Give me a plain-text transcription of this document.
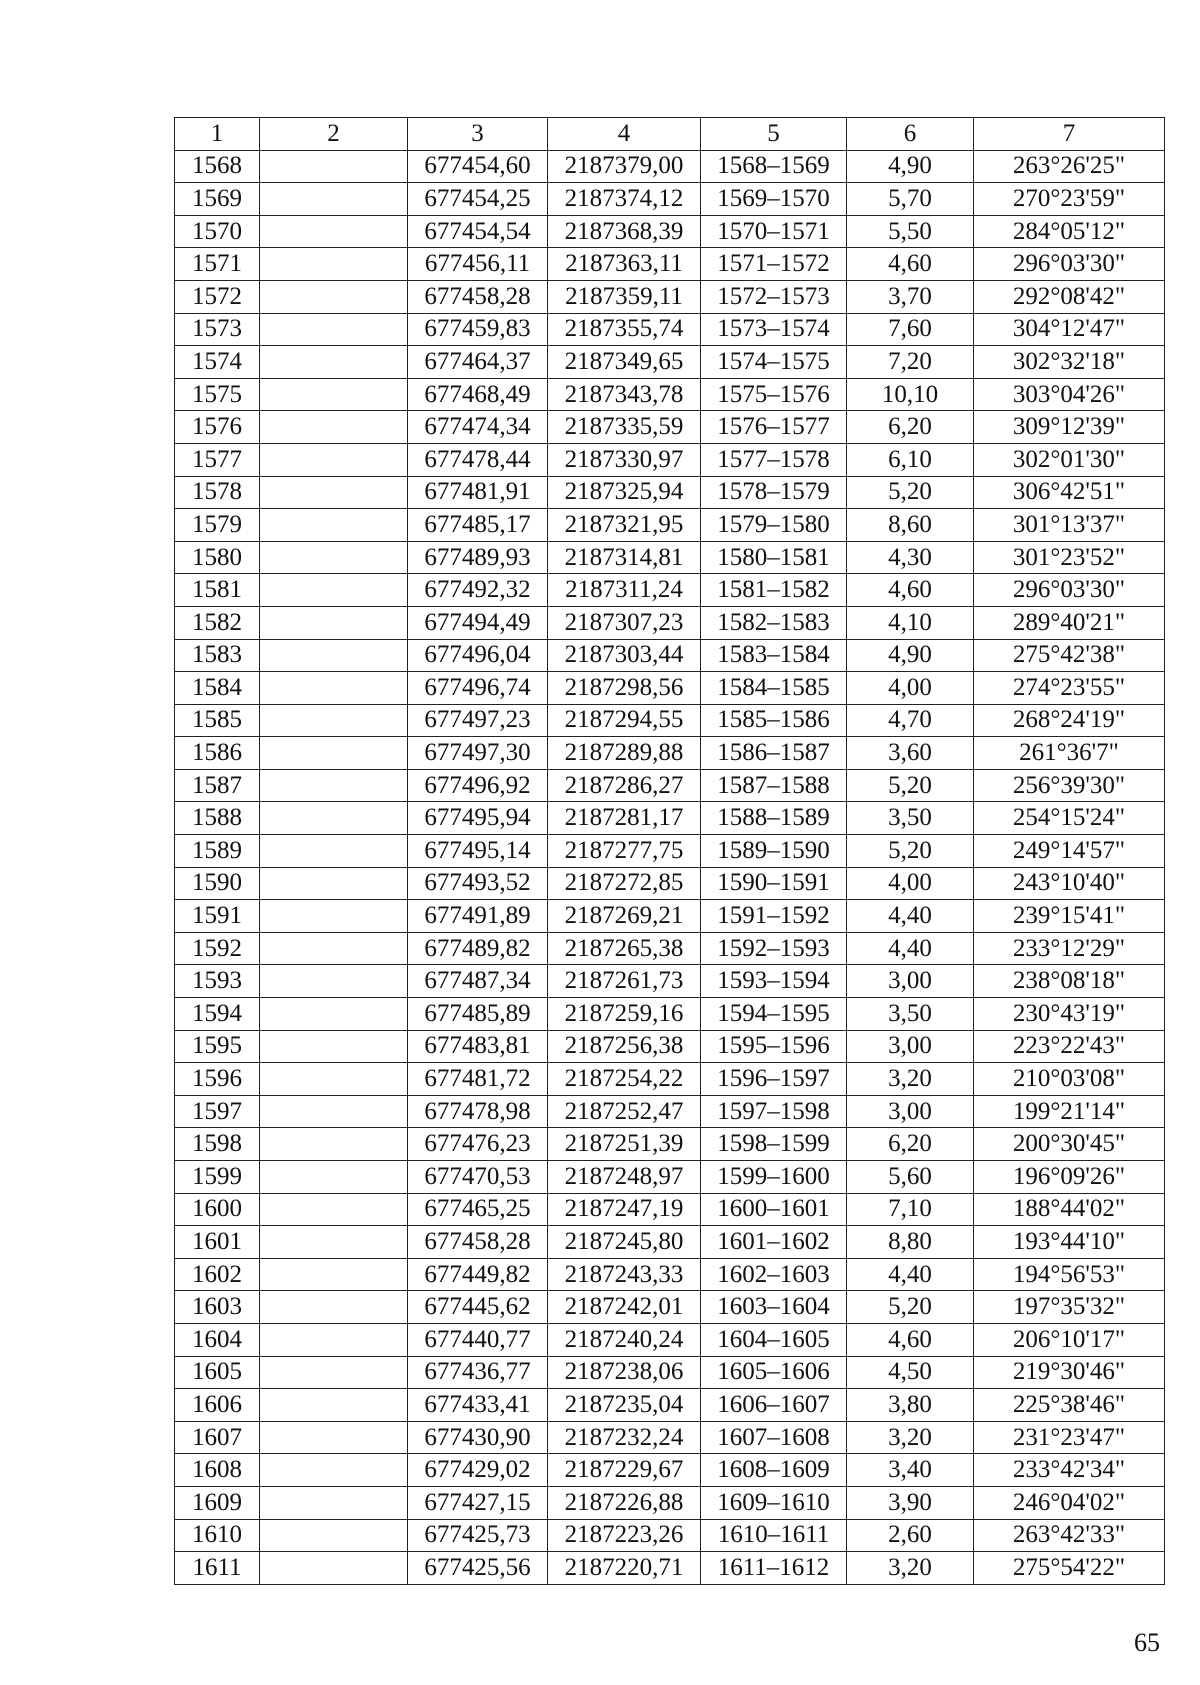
1	2	3	4	5	6	7
1568		677454,60	2187379,00	1568–1569	4,90	263°26'25"
1569		677454,25	2187374,12	1569–1570	5,70	270°23'59"
1570		677454,54	2187368,39	1570–1571	5,50	284°05'12"
1571		677456,11	2187363,11	1571–1572	4,60	296°03'30"
1572		677458,28	2187359,11	1572–1573	3,70	292°08'42"
1573		677459,83	2187355,74	1573–1574	7,60	304°12'47"
1574		677464,37	2187349,65	1574–1575	7,20	302°32'18"
1575		677468,49	2187343,78	1575–1576	10,10	303°04'26"
1576		677474,34	2187335,59	1576–1577	6,20	309°12'39"
1577		677478,44	2187330,97	1577–1578	6,10	302°01'30"
1578		677481,91	2187325,94	1578–1579	5,20	306°42'51"
1579		677485,17	2187321,95	1579–1580	8,60	301°13'37"
1580		677489,93	2187314,81	1580–1581	4,30	301°23'52"
1581		677492,32	2187311,24	1581–1582	4,60	296°03'30"
1582		677494,49	2187307,23	1582–1583	4,10	289°40'21"
1583		677496,04	2187303,44	1583–1584	4,90	275°42'38"
1584		677496,74	2187298,56	1584–1585	4,00	274°23'55"
1585		677497,23	2187294,55	1585–1586	4,70	268°24'19"
1586		677497,30	2187289,88	1586–1587	3,60	261°36'7"
1587		677496,92	2187286,27	1587–1588	5,20	256°39'30"
1588		677495,94	2187281,17	1588–1589	3,50	254°15'24"
1589		677495,14	2187277,75	1589–1590	5,20	249°14'57"
1590		677493,52	2187272,85	1590–1591	4,00	243°10'40"
1591		677491,89	2187269,21	1591–1592	4,40	239°15'41"
1592		677489,82	2187265,38	1592–1593	4,40	233°12'29"
1593		677487,34	2187261,73	1593–1594	3,00	238°08'18"
1594		677485,89	2187259,16	1594–1595	3,50	230°43'19"
1595		677483,81	2187256,38	1595–1596	3,00	223°22'43"
1596		677481,72	2187254,22	1596–1597	3,20	210°03'08"
1597		677478,98	2187252,47	1597–1598	3,00	199°21'14"
1598		677476,23	2187251,39	1598–1599	6,20	200°30'45"
1599		677470,53	2187248,97	1599–1600	5,60	196°09'26"
1600		677465,25	2187247,19	1600–1601	7,10	188°44'02"
1601		677458,28	2187245,80	1601–1602	8,80	193°44'10"
1602		677449,82	2187243,33	1602–1603	4,40	194°56'53"
1603		677445,62	2187242,01	1603–1604	5,20	197°35'32"
1604		677440,77	2187240,24	1604–1605	4,60	206°10'17"
1605		677436,77	2187238,06	1605–1606	4,50	219°30'46"
1606		677433,41	2187235,04	1606–1607	3,80	225°38'46"
1607		677430,90	2187232,24	1607–1608	3,20	231°23'47"
1608		677429,02	2187229,67	1608–1609	3,40	233°42'34"
1609		677427,15	2187226,88	1609–1610	3,90	246°04'02"
1610		677425,73	2187223,26	1610–1611	2,60	263°42'33"
1611		677425,56	2187220,71	1611–1612	3,20	275°54'22"
65
